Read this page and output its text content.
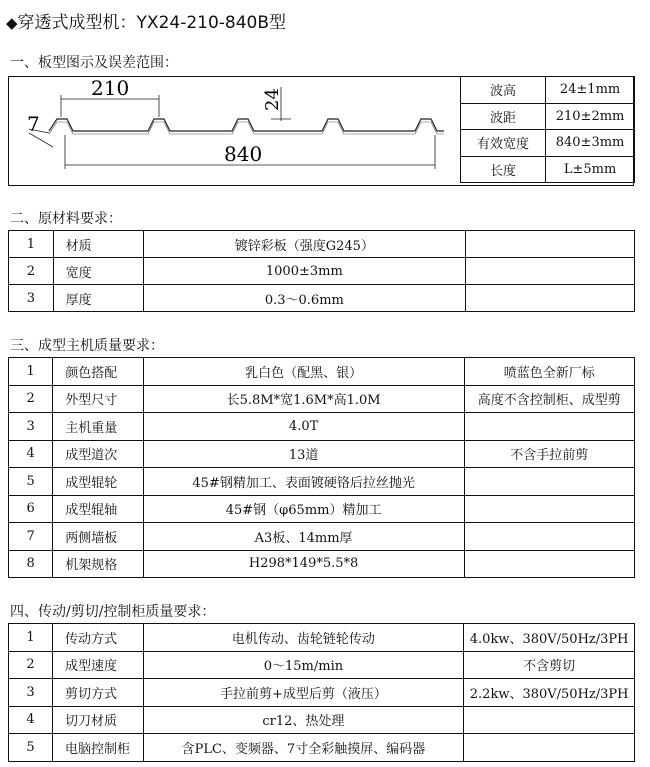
◆穿透式成型机：YX24-210-840B型
一、板型图示及误差范围：
210	24
840
7
波高	24±1mm
波距	210±2mm
有效宽度	840±3mm
长度	L±5mm
二、原材料要求：
1	材质	镀锌彩板（强度G245）	
2	宽度	1000±3mm	
3	厚度	0.3～0.6mm	
三、成型主机质量要求：
1	颜色搭配	乳白色（配黑、银）	喷蓝色全新厂标
2	外型尺寸	长5.8M*宽1.6M*高1.0M	高度不含控制柜、成型剪
3	主机重量	4.0T	
4	成型道次	13道	不含手拉前剪
5	成型辊轮	45#钢精加工、表面镀硬铬后拉丝抛光	
6	成型辊轴	45#钢（φ65mm）精加工	
7	两侧墙板	A3板、14mm厚	
8	机架规格	H298*149*5.5*8	
四、传动/剪切/控制柜质量要求：
1	传动方式	电机传动、齿轮链轮传动	4.0kw、380V/50Hz/3PH
2	成型速度	0～15m/min	不含剪切
3	剪切方式	手拉前剪+成型后剪（液压）	2.2kw、380V/50Hz/3PH
4	切刀材质	cr12、热处理	
5	电脑控制柜	含PLC、变频器、7寸全彩触摸屏、编码器	
